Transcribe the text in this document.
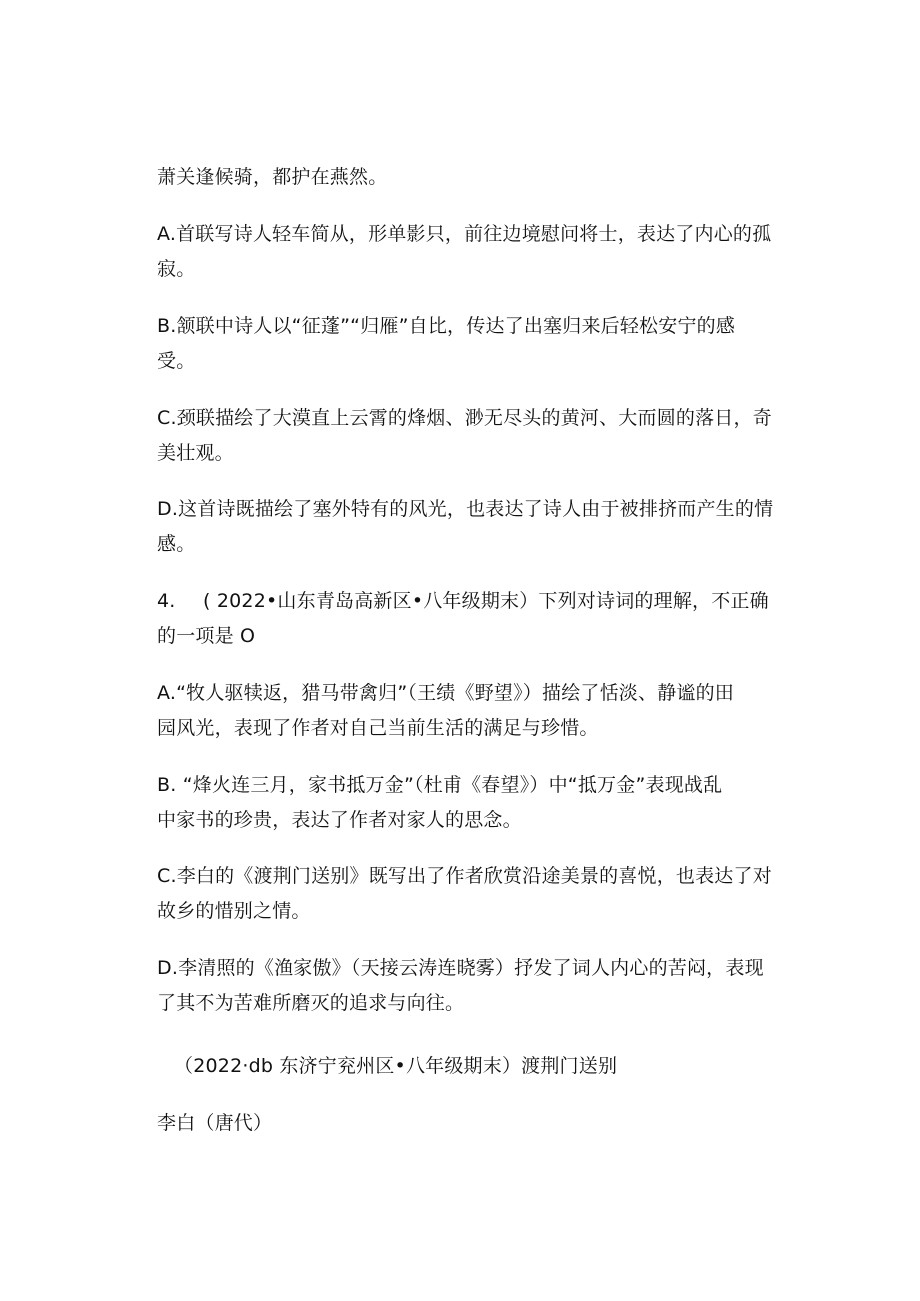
萧关逢候骑，都护在燕然。
A.首联写诗人轻车简从，形单影只，前往边境慰问将士，表达了内心的孤
寂。
B.颔联中诗人以“征蓬”“归雁”自比，传达了出塞归来后轻松安宁的感
受。
C.颈联描绘了大漠直上云霄的烽烟、渺无尽头的黄河、大而圆的落日，奇
美壮观。
D.这首诗既描绘了塞外特有的风光，也表达了诗人由于被排挤而产生的情
感。
4. ( 2022•山东青岛高新区•八年级期末）下列对诗词的理解，不正确
的一项是 O
A.“牧人驱犊返，猎马带禽归”（王绩《野望》）描绘了恬淡、静谧的田
园风光，表现了作者对自己当前生活的满足与珍惜。
B. “烽火连三月，家书抵万金”（杜甫《春望》）中“抵万金”表现战乱
中家书的珍贵，表达了作者对家人的思念。
C.李白的《渡荆门送别》既写出了作者欣赏沿途美景的喜悦，也表达了对
故乡的惜别之情。
D.李清照的《渔家傲》（天接云涛连晓雾）抒发了词人内心的苦闷，表现
了其不为苦难所磨灭的追求与向往。
（2022·db 东济宁兖州区•八年级期末）渡荆门送别
李白（唐代）
